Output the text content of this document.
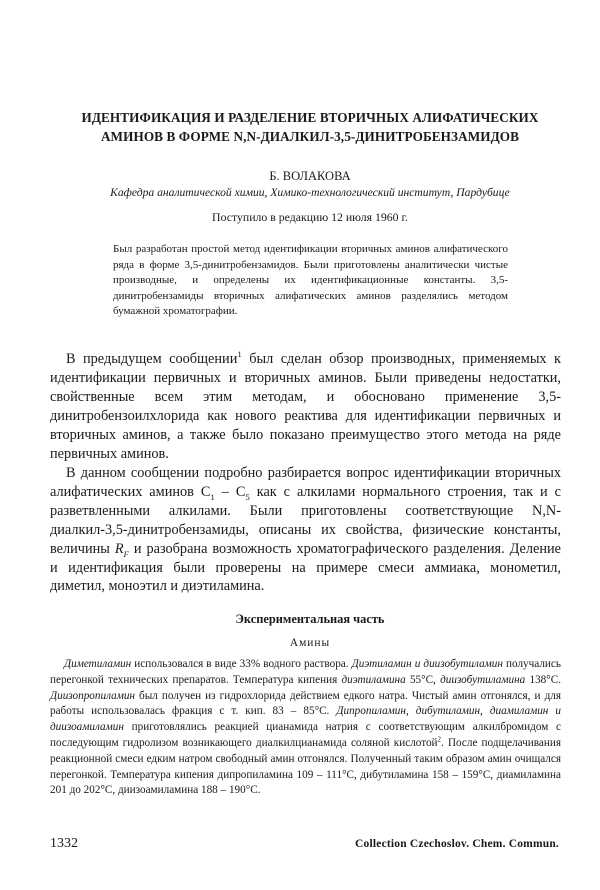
ИДЕНТИФИКАЦИЯ И РАЗДЕЛЕНИЕ ВТОРИЧНЫХ АЛИФАТИЧЕСКИХ
АМИНОВ В ФОРМЕ N,N-ДИАЛКИЛ-3,5-ДИНИТРОБЕНЗАМИДОВ
Б. ВОЛАКОВА
Кафедра аналитической химии, Химико-технологический институт, Пардубице
Поступило в редакцию 12 июля 1960 г.

Был разработан простой метод идентификации вторичных аминов алифатического ряда в форме 3,5-динитробензамидов. Были приготовлены аналитически чистые производные, и определены их идентификационные константы. 3,5-динитробензамиды вторичных алифатических аминов разделялись методом бумажной хроматографии.

В предыдущем сообщении$^1$ был сделан обзор производных, применяемых к идентификации первичных и вторичных аминов. Были приведены недостатки, свойственные всем этим методам, и обосновано применение 3,5-динитробензоилхлорида как нового реактива для идентификации первичных и вторичных аминов, а также было показано преимущество этого метода на ряде первичных аминов.

В данном сообщении подробно разбирается вопрос идентификации вторичных алифатических аминов $C_1 - C_5$ как с алкилами нормального строения, так и с разветвленными алкилами. Были приготовлены соответствующие N,N-диалкил-3,5-динитробензамиды, описаны их свойства, физические константы, величины $R_F$ и разобрана возможность хроматографического разделения. Деление и идентификация были проверены на примере смеси аммиака, монометил, диметил, моноэтил и диэтиламина.

Экспериментальная часть
Амины

Диметиламин использовался в виде 33% водного раствора. Диэтиламин и диизобутиламин получались перегонкой технических препаратов. Температура кипения диэтиламина 55°C, диизобутиламина 138°C. Диизопропиламин был получен из гидрохлорида действием едкого натра. Чистый амин отгонялся, и для работы использовалась фракция с т. кип. 83 – 85°C. Дипропиламин, дибутиламин, диамиламин и диизоамиламин приготовлялись реакцией цианамида натрия с соответствующим алкилбромидом с последующим гидролизом возникающего диалкилцианамида соляной кислотой$^2$. После подщелачивания реакционной смеси едким натром свободный амин отгонялся. Полученный таким образом амин очищался перегонкой. Температура кипения дипропиламина 109 – 111°C, дибутиламина 158 – 159°C, диамиламина 201 до 202°C, диизоамиламина 188 – 190°C.

1332	Collection Czechoslov. Chem. Commun.
